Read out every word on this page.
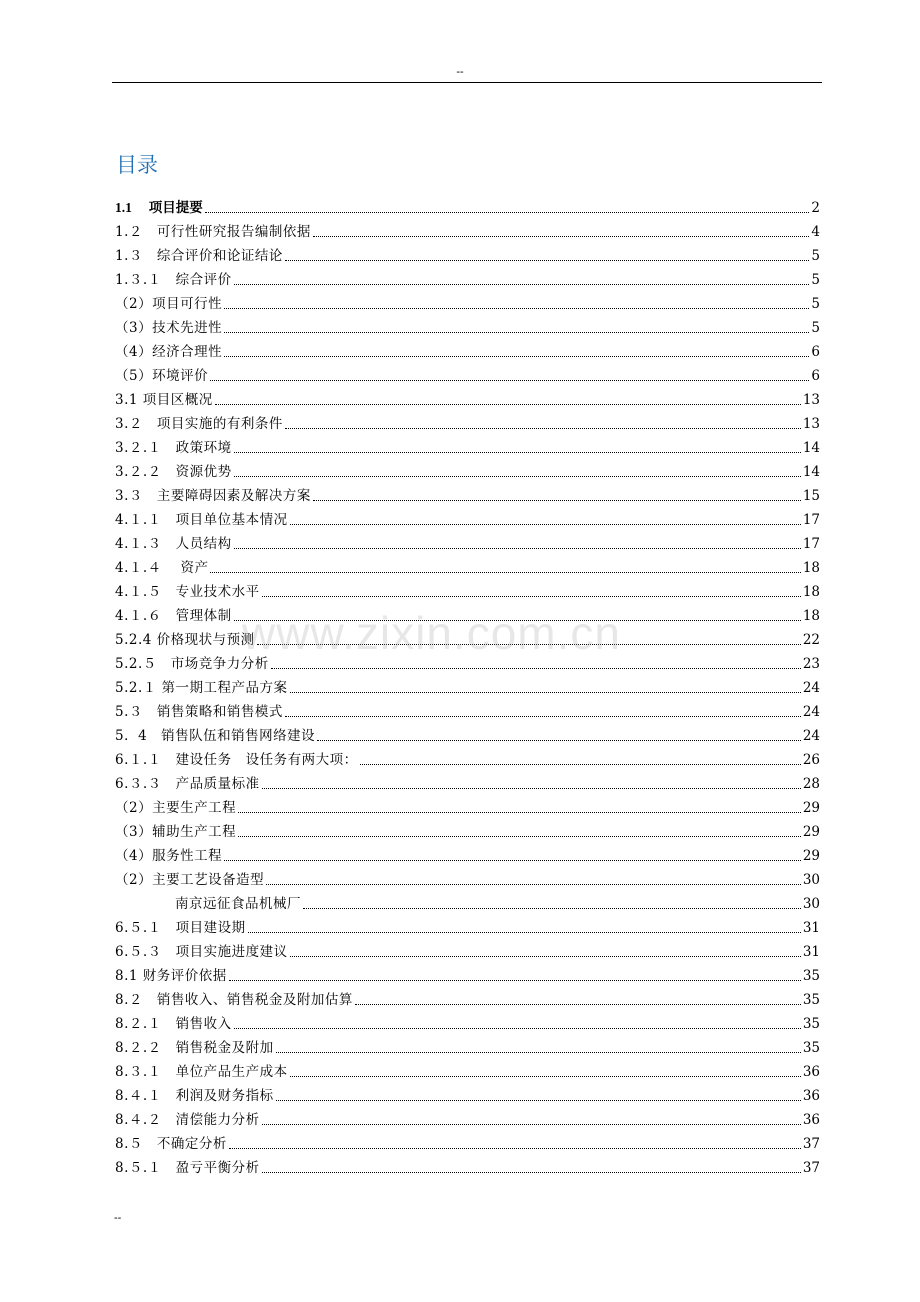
--
目录
1.1　 项目提要	2
1.２　可行性研究报告编制依据	4
1.３　综合评价和论证结论	5
1.３.１　综合评价	5
（2）项目可行性	5
（3）技术先进性	5
（4）经济合理性	6
（5）环境评价	6
3.1 项目区概况	13
3.２　项目实施的有利条件	13
3.２.１　政策环境	14
3.２.２　资源优势	14
3.３　主要障碍因素及解决方案	15
4.１.１　项目单位基本情况	17
4.１.３　人员结构	17
4.１.４　 资产	18
4.１.５　专业技术水平	18
4.１.６　管理体制	18
5.2.4 价格现状与预测	22
5.2.５　市场竞争力分析	23
5.2.１ 第一期工程产品方案	24
5.３　销售策略和销售模式	24
5．4　销售队伍和销售网络建设	24
6.１.１　建设任务　设任务有两大项：	26
6.３.３　产品质量标准	28
（2）主要生产工程	29
（3）辅助生产工程	29
（4）服务性工程	29
（2）主要工艺设备造型	30
南京远征食品机械厂	30
6.５.１　项目建设期	31
6.５.３　项目实施进度建议	31
8.1 财务评价依据	35
8.２　销售收入、销售税金及附加估算	35
8.２.１　销售收入	35
8.２.２　销售税金及附加	35
8.３.１　单位产品生产成本	36
8.４.１　利润及财务指标	36
8.４.２　清偿能力分析	36
8.５　不确定分析	37
8.５.１　盈亏平衡分析	37
www.zixin.com.cn
--
